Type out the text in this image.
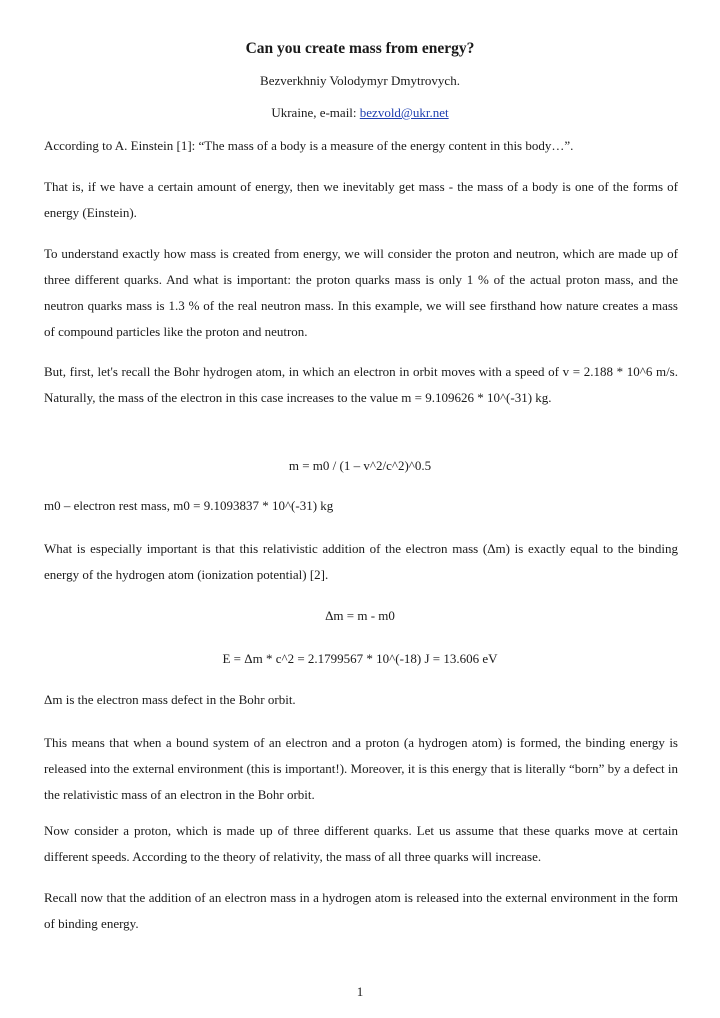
Can you create mass from energy?
Bezverkhniy Volodymyr Dmytrovych.
Ukraine, e-mail: bezvold@ukr.net

According to A. Einstein [1]: “The mass of a body is a measure of the energy content in this body…”.

That is, if we have a certain amount of energy, then we inevitably get mass - the mass of a body is one of the forms of energy (Einstein).

To understand exactly how mass is created from energy, we will consider the proton and neutron, which are made up of three different quarks. And what is important: the proton quarks mass is only 1 % of the actual proton mass, and the neutron quarks mass is 1.3 % of the real neutron mass. In this example, we will see firsthand how nature creates a mass of compound particles like the proton and neutron.

But, first, let's recall the Bohr hydrogen atom, in which an electron in orbit moves with a speed of v = 2.188 * 10^6 m/s. Naturally, the mass of the electron in this case increases to the value m = 9.109626 * 10^(-31) kg.

m = m0 / (1 – v^2/c^2)^0.5

m0 – electron rest mass, m0 = 9.1093837 * 10^(-31) kg

What is especially important is that this relativistic addition of the electron mass (Δm) is exactly equal to the binding energy of the hydrogen atom (ionization potential) [2].

Δm = m - m0
E = Δm * c^2 = 2.1799567 * 10^(-18) J = 13.606 eV

Δm is the electron mass defect in the Bohr orbit.

This means that when a bound system of an electron and a proton (a hydrogen atom) is formed, the binding energy is released into the external environment (this is important!). Moreover, it is this energy that is literally “born” by a defect in the relativistic mass of an electron in the Bohr orbit.

Now consider a proton, which is made up of three different quarks. Let us assume that these quarks move at certain different speeds. According to the theory of relativity, the mass of all three quarks will increase.

Recall now that the addition of an electron mass in a hydrogen atom is released into the external environment in the form of binding energy.

1
